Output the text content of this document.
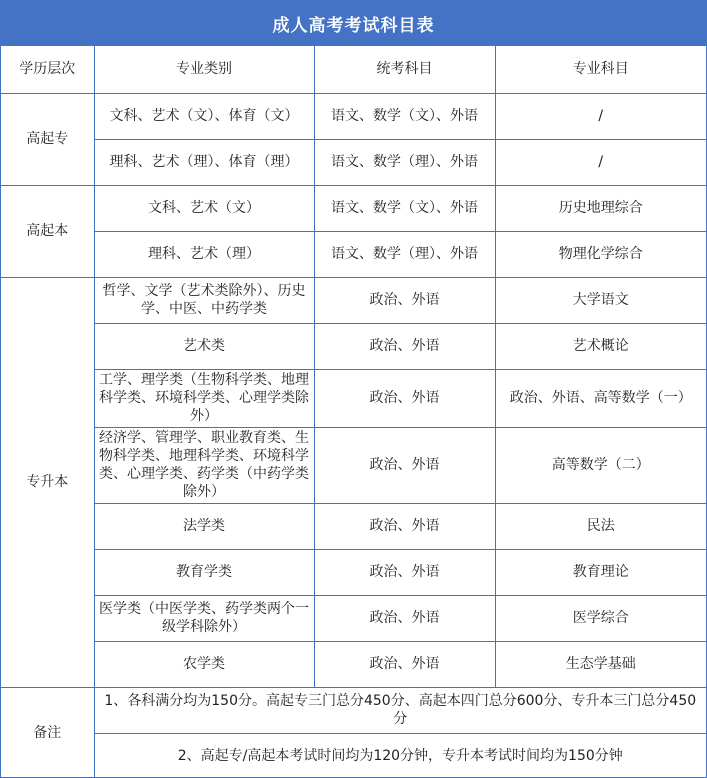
成人高考考试科目表
学历层次	专业类别	统考科目	专业科目
高起专	文科、艺术（文）、体育（文）	语文、数学（文）、外语	/
	理科、艺术（理）、体育（理）	语文、数学（理）、外语	/
高起本	文科、艺术（文）	语文、数学（文）、外语	历史地理综合
	理科、艺术（理）	语文、数学（理）、外语	物理化学综合
专升本	哲学、文学（艺术类除外）、历史学、中医、中药学类	政治、外语	大学语文
	艺术类	政治、外语	艺术概论
	工学、理学类（生物科学类、地理科学类、环境科学类、心理学类除外）	政治、外语	政治、外语、高等数学（一）
	经济学、管理学、职业教育类、生物科学类、地理科学类、环境科学类、心理学类、药学类（中药学类除外）	政治、外语	高等数学（二）
	法学类	政治、外语	民法
	教育学类	政治、外语	教育理论
	医学类（中医学类、药学类两个一级学科除外）	政治、外语	医学综合
	农学类	政治、外语	生态学基础
备注	1、各科满分均为150分。高起专三门总分450分、高起本四门总分600分、专升本三门总分450分		
	2、高起专/高起本考试时间均为120分钟，专升本考试时间均为150分钟		
